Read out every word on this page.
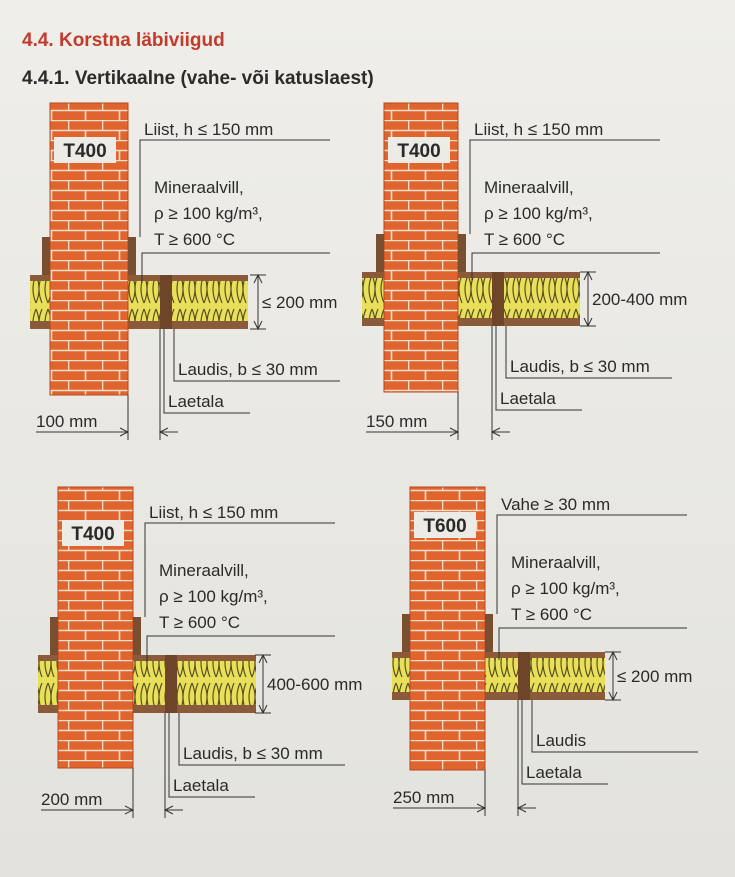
4.4. Korstna läbiviigud
4.4.1. Vertikaalne (vahe- või katuslaest)
T400
Liist, h ≤ 150 mm
Mineraalvill,
ρ ≥ 100 kg/m³,
T ≥ 600 °C
≤ 200 mm
Laudis, b ≤ 30 mm
Laetala
100 mm
T400
Liist, h ≤ 150 mm
Mineraalvill,
ρ ≥ 100 kg/m³,
T ≥ 600 °C
200-400 mm
Laudis, b ≤ 30 mm
Laetala
150 mm
T400
Liist, h ≤ 150 mm
Mineraalvill,
ρ ≥ 100 kg/m³,
T ≥ 600 °C
400-600 mm
Laudis, b ≤ 30 mm
Laetala
200 mm
T600
Vahe ≥ 30 mm
Mineraalvill,
ρ ≥ 100 kg/m³,
T ≥ 600 °C
≤ 200 mm
Laudis
Laetala
250 mm
